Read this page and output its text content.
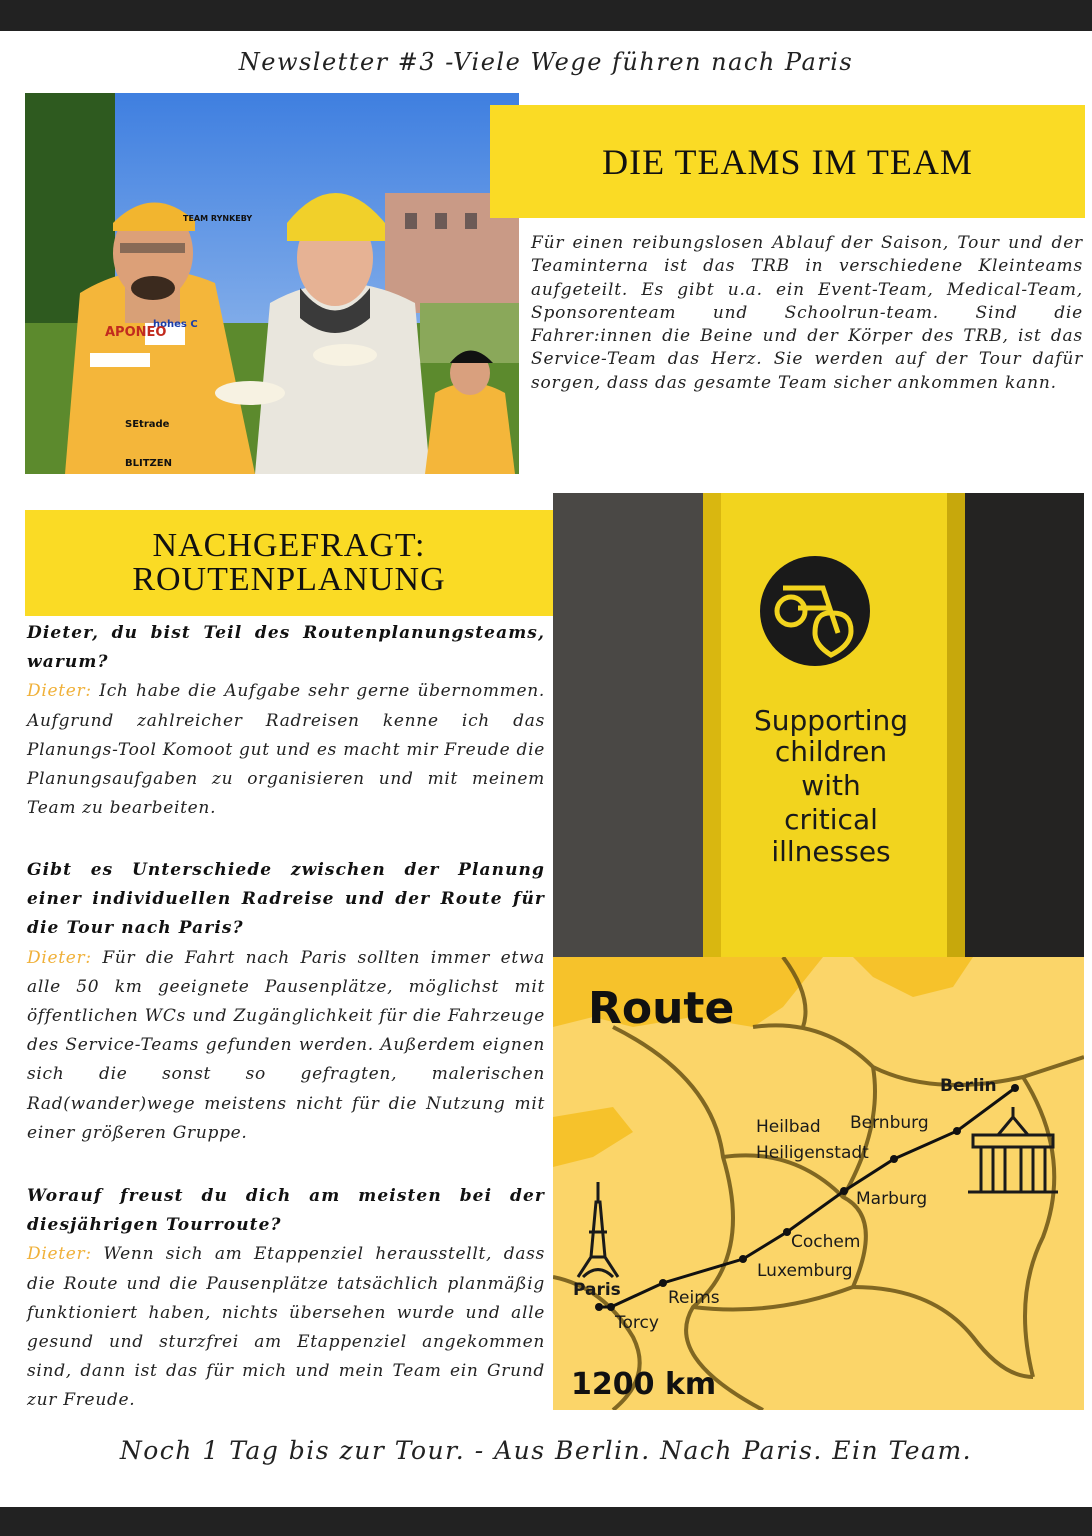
Newsletter #3 -Viele Wege führen nach Paris
TEAM RYNKEBY
hohes C
APONEO
SEtrade
BLITZEN
DIE TEAMS IM TEAM
Für einen reibungslosen Ablauf der Saison, Tour und der Teaminterna ist das TRB in verschiedene Kleinteams aufgeteilt. Es gibt u.a. ein Event-Team, Medical-Team, Sponsorenteam und Schoolrun-team. Sind die Fahrer:innen die Beine und der Körper des TRB, ist das Service-Team das Herz. Sie werden auf der Tour dafür sorgen, dass das gesamte Team sicher ankommen kann.
NACHGEFRAGT:
ROUTENPLANUNG
Dieter, du bist Teil des Routenplanungsteams, warum?
Dieter: Ich habe die Aufgabe sehr gerne übernommen. Aufgrund zahlreicher Radreisen kenne ich das Planungs-Tool Komoot gut und es macht mir Freude die Planungsaufgaben zu organisieren und mit meinem Team zu bearbeiten.
Gibt es Unterschiede zwischen der Planung einer individuellen Radreise und der Route für die Tour nach Paris?
Dieter: Für die Fahrt nach Paris sollten immer etwa alle 50 km geeignete Pausenplätze, möglichst mit öffentlichen WCs und Zugänglichkeit für die Fahrzeuge des Service-Teams gefunden werden. Außerdem eignen sich die sonst so gefragten, malerischen Rad(wander)wege meistens nicht für die Nutzung mit einer größeren Gruppe.
Worauf freust du dich am meisten bei der diesjährigen Tourroute?
Dieter: Wenn sich am Etappenziel herausstellt, dass die Route und die Pausenplätze tatsächlich planmäßig funktioniert haben, nichts übersehen wurde und alle gesund und sturzfrei am Etappenziel angekommen sind, dann ist das für mich und mein Team ein Grund zur Freude.
Supporting
children
with
critical
illnesses
Route
Berlin
Bernburg
Heilbad
Heiligenstadt
Marburg
Cochem
Luxemburg
Reims
Paris
Torcy
1200 km
Noch 1 Tag bis zur Tour. - Aus Berlin. Nach Paris. Ein Team.
